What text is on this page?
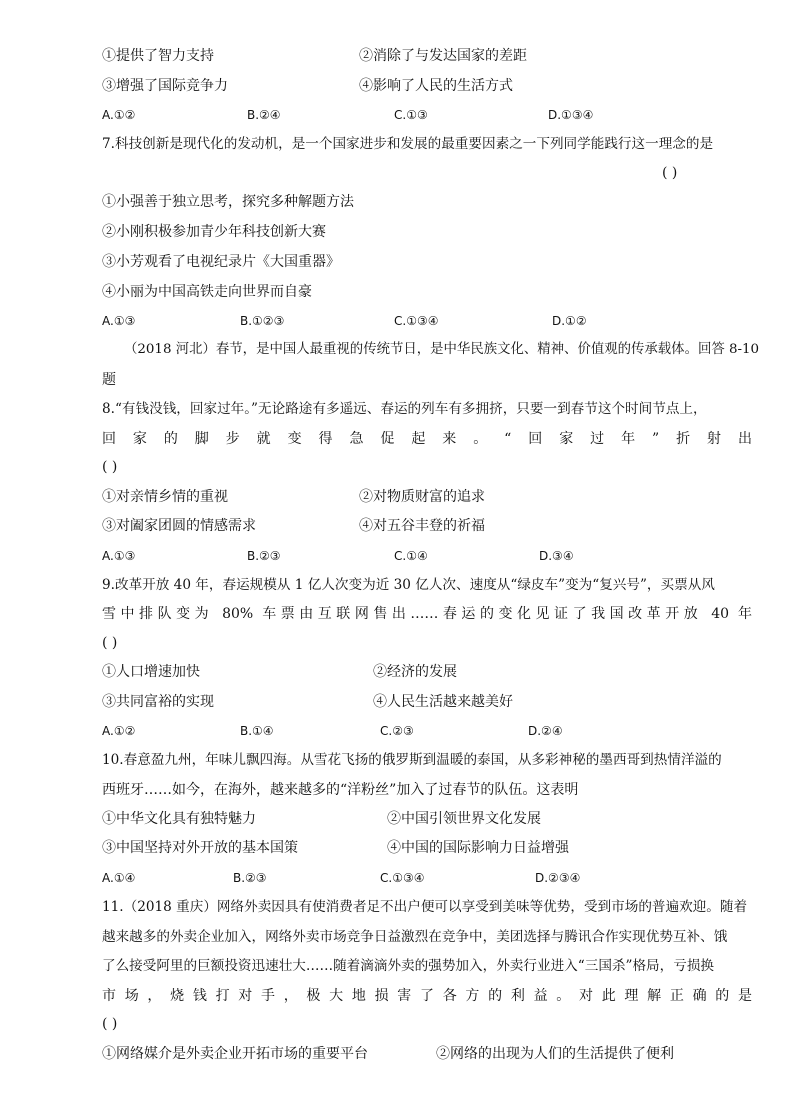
①提供了智力支持	②消除了与发达国家的差距
③增强了国际竞争力	④影响了人民的生活方式
A.①②	B.②④	C.①③	D.①③④
7.科技创新是现代化的发动机，是一个国家进步和发展的最重要因素之一下列同学能践行这一理念的是
( )
①小强善于独立思考，探究多种解题方法
②小刚积极参加青少年科技创新大赛
③小芳观看了电视纪录片《大国重器》
④小丽为中国高铁走向世界而自豪
A.①③	B.①②③	C.①③④	D.①②
（2018 河北）春节，是中国人最重视的传统节日，是中华民族文化、精神、价值观的传承载体。回答 8-10
题
8.“有钱没钱，回家过年。”无论路途有多遥远、春运的列车有多拥挤，只要一到春节这个时间节点上，
回家的脚步就变得急促起来。“回家过年”折射出
( )
①对亲情乡情的重视	②对物质财富的追求
③对阖家团圆的情感需求	④对五谷丰登的祈福
A.①③	B.②③	C.①④	D.③④
9.改革开放 40 年，春运规模从 1 亿人次变为近 30 亿人次、速度从“绿皮车”变为“复兴号”，买票从风
雪中排队变为 80% 车票由互联网售出……春运的变化见证了我国改革开放 40 年
( )
①人口增速加快	②经济的发展
③共同富裕的实现	④人民生活越来越美好
A.①②	B.①④	C.②③	D.②④
10.春意盈九州，年味儿飘四海。从雪花飞扬的俄罗斯到温暖的泰国，从多彩神秘的墨西哥到热情洋溢的
西班牙……如今，在海外，越来越多的“洋粉丝”加入了过春节的队伍。这表明
①中华文化具有独特魅力	②中国引领世界文化发展
③中国坚持对外开放的基本国策	④中国的国际影响力日益增强
A.①④	B.②③	C.①③④	D.②③④
11.（2018 重庆）网络外卖因具有使消费者足不出户便可以享受到美味等优势，受到市场的普遍欢迎。随着
越来越多的外卖企业加入，网络外卖市场竞争日益激烈在竞争中，美团选择与腾讯合作实现优势互补、饿
了么接受阿里的巨额投资迅速壮大……随着滴滴外卖的强势加入，外卖行业进入“三国杀”格局，亏损换
市场，烧钱打对手，极大地损害了各方的利益。对此理解正确的是
( )
①网络媒介是外卖企业开拓市场的重要平台	②网络的出现为人们的生活提供了便利
